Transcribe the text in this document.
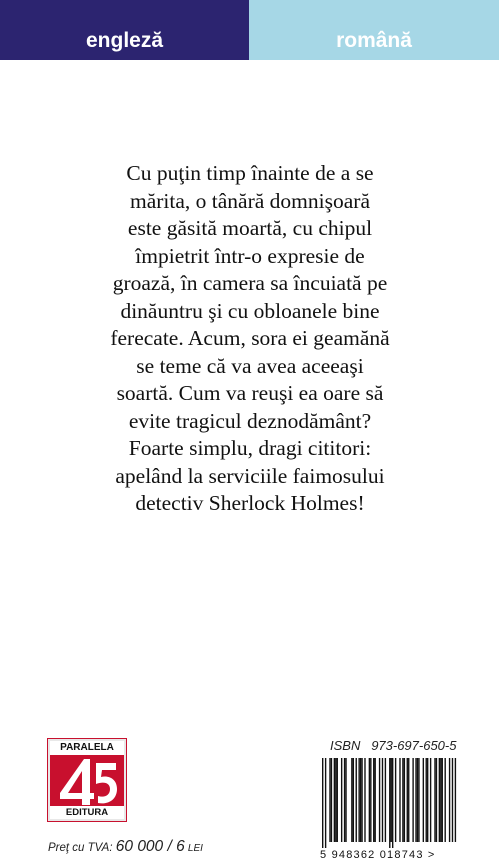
engleză	română
Cu puţin timp înainte de a se
mărita, o tânără domnişoară
este găsită moartă, cu chipul
împietrit într-o expresie de
groază, în camera sa încuiată pe
dinăuntru şi cu obloanele bine
ferecate. Acum, sora ei geamănă
se teme că va avea aceeaşi
soartă. Cum va reuşi ea oare să
evite tragicul deznodământ?
Foarte simplu, dragi cititori:
apelând la serviciile faimosului
detectiv Sherlock Holmes!
PARALELA
EDITURA
Preţ cu TVA: 60 000 / 6 LEI
ISBN 973-697-650-5
5 948362 018743 >
